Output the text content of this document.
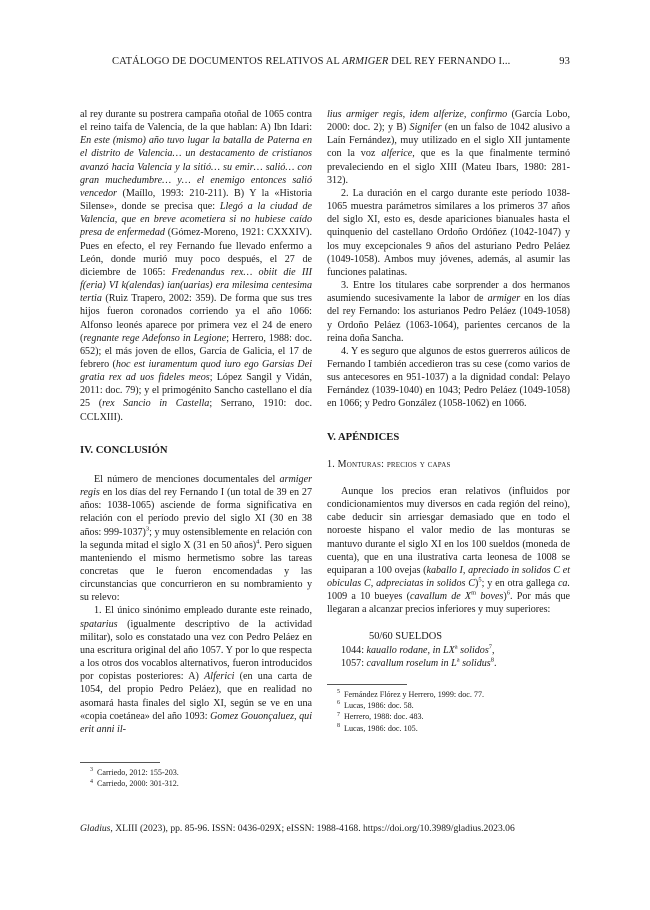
CATÁLOGO DE DOCUMENTOS RELATIVOS AL ARMIGER DEL REY FERNANDO I...	93

al rey durante su postrera campaña otoñal de 1065 contra el reino taifa de Valencia, de la que hablan: A) Ibn Idari: En este (mismo) año tuvo lugar la batalla de Paterna en el distrito de Valencia… un destacamento de cristianos avanzó hacia Valencia y la sitió… su emir… salió… con gran muchedumbre… y… el enemigo entonces salió vencedor (Maíllo, 1993: 210-211). B) Y la «Historia Silense», donde se precisa que: Llegó a la ciudad de Valencia, que en breve acometiera si no hubiese caído presa de enfermedad (Gómez-Moreno, 1921: CXXXIV). Pues en efecto, el rey Fernando fue llevado enfermo a León, donde murió muy poco después, el 27 de diciembre de 1065: Fredenandus rex… obiit die III f(eria) VI k(alendas) ian(uarias) era milesima centesima tertia (Ruiz Trapero, 2002: 359). De forma que sus tres hijos fueron coronados corriendo ya el año 1066: Alfonso leonés aparece por primera vez el 24 de enero (regnante rege Adefonso in Legione; Herrero, 1988: doc. 652); el más joven de ellos, García de Galicia, el 17 de febrero (hoc est iuramentum quod iuro ego Garsias Dei gratia rex ad uos fideles meos; López Sangil y Vidán, 2011: doc. 79); y el primogénito Sancho castellano el día 25 (rex Sancio in Castella; Serrano, 1910: doc. CCLXIII).

IV. CONCLUSIÓN

El número de menciones documentales del armiger regis en los días del rey Fernando I (un total de 39 en 27 años: 1038-1065) asciende de forma significativa en relación con el período previo del siglo XI (30 en 38 años: 999-1037)$^3$; y muy ostensiblemente en relación con la segunda mitad el siglo X (31 en 50 años)$^4$. Pero siguen manteniendo el mismo hermetismo sobre las tareas concretas que le fueron encomendadas y las circunstancias que concurrieron en su nombramiento y su relevo:

1. El único sinónimo empleado durante este reinado, spatarius (igualmente descriptivo de la actividad militar), solo es constatado una vez con Pedro Peláez en una escritura original del año 1057. Y por lo que respecta a los otros dos vocablos alternativos, fueron introducidos por copistas posteriores: A) Alferici (en una carta de 1054, del propio Pedro Peláez), que en realidad no asomará hasta finales del siglo XI, según se ve en una «copia coetánea» del año 1093: Gomez Gouonçaluez, qui erit anni il-

$^3$ Carriedo, 2012: 155-203.

$^4$ Carriedo, 2000: 301-312.

lius armiger regis, idem alferize, confirmo (García Lobo, 2000: doc. 2); y B) Signifer (en un falso de 1042 alusivo a Laín Fernández), muy utilizado en el siglo XII juntamente con la voz alferice, que es la que finalmente terminó prevaleciendo en el siglo XIII (Mateu Ibars, 1980: 281-312).

2. La duración en el cargo durante este período 1038-1065 muestra parámetros similares a los primeros 37 años del siglo XI, esto es, desde apariciones bianuales hasta el quinquenio del castellano Ordoño Ordóñez (1042-1047) y los muy excepcionales 9 años del asturiano Pedro Peláez (1049-1058). Ambos muy jóvenes, además, al asumir las funciones palatinas.

3. Entre los titulares cabe sorprender a dos hermanos asumiendo sucesivamente la labor de armiger en los días del rey Fernando: los asturianos Pedro Peláez (1049-1058) y Ordoño Peláez (1063-1064), parientes cercanos de la reina doña Sancha.

4. Y es seguro que algunos de estos guerreros aúlicos de Fernando I también accedieron tras su cese (como varios de sus antecesores en 951-1037) a la dignidad condal: Pelayo Fernández (1039-1040) en 1043; Pedro Peláez (1049-1058) en 1066; y Pedro González (1058-1062) en 1066.

V. APÉNDICES

1. Monturas: precios y capas

Aunque los precios eran relativos (influidos por condicionamientos muy diversos en cada región del reino), cabe deducir sin arriesgar demasiado que en todo el noroeste hispano el valor medio de las monturas se mantuvo durante el siglo XI en los 100 sueldos (moneda de cuenta), que en una ilustrativa carta leonesa de 1008 se equiparan a 100 ovejas (kaballo I, apreciado in solidos C et obiculas C, adpreciatas in solidos C)$^5$; y en otra gallega ca. 1009 a 10 bueyes (cavallum de $X^m$ boves)$^6$. Por más que llegaran a alcanzar precios inferiores y muy superiores:

50/60 SUELDOS
1044: kauallo rodane, in $LX^a$ solidos$^7$,
1057: cavallum roselum in $L^a$ solidus$^8$.

$^5$ Fernández Flórez y Herrero, 1999: doc. 77.

$^6$ Lucas, 1986: doc. 58.

$^7$ Herrero, 1988: doc. 483.

$^8$ Lucas, 1986: doc. 105.

Gladius, XLIII (2023), pp. 85-96. ISSN: 0436-029X; eISSN: 1988-4168. https://doi.org/10.3989/gladius.2023.06
